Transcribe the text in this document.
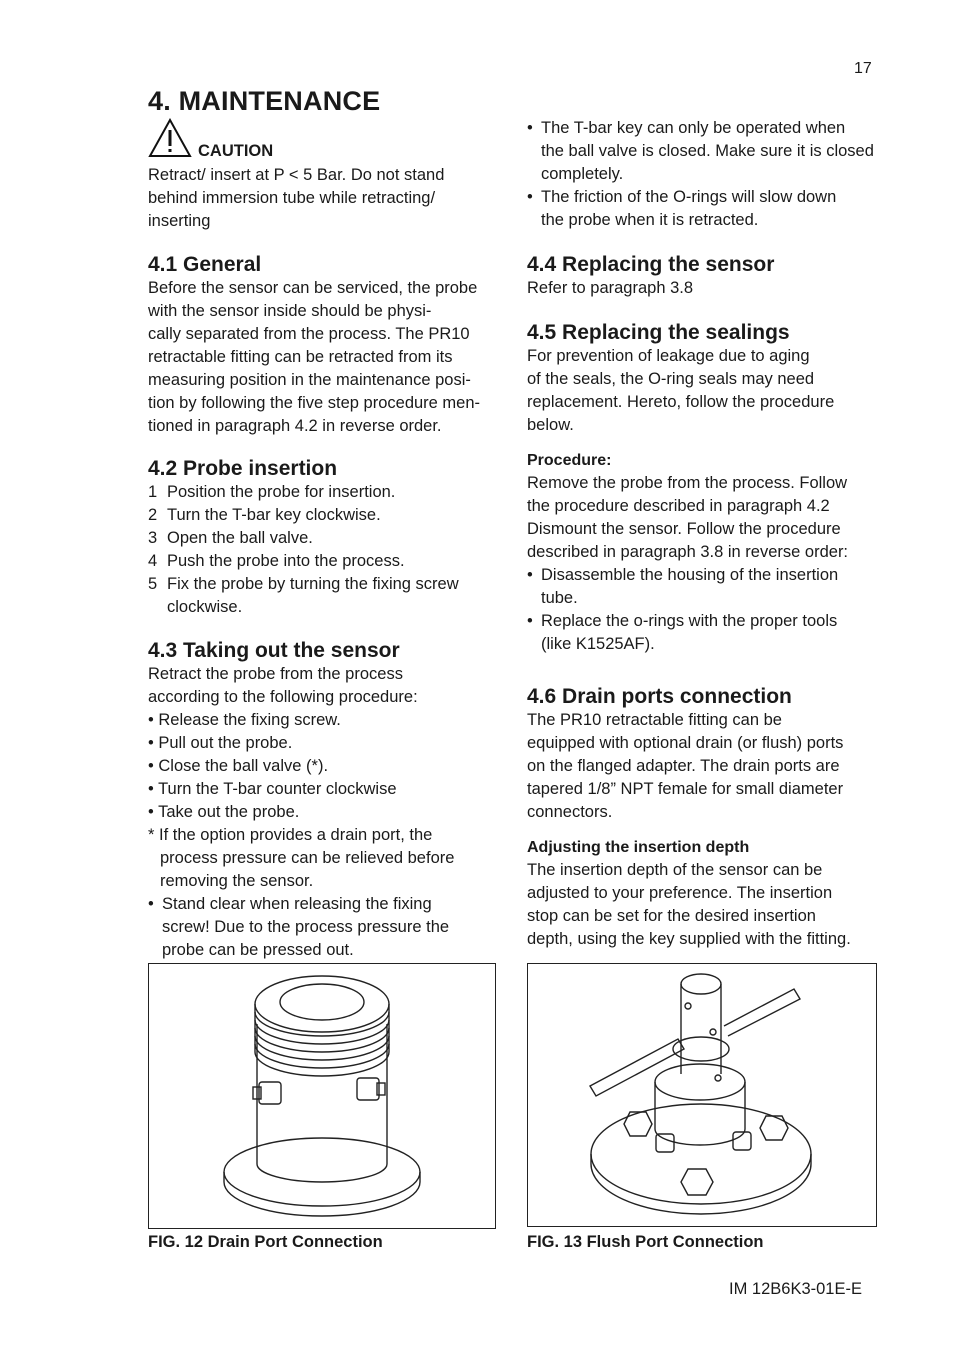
17
4. MAINTENANCE
CAUTION
Retract/ insert at P < 5 Bar. Do not stand
behind immersion tube while retracting/
inserting
4.1 General
Before the sensor can be serviced, the probe
with the sensor inside should be physi-
cally separated from the process. The PR10
retractable fitting can be retracted from its
measuring position in the maintenance posi-
tion by following the five step procedure men-
tioned in paragraph 4.2 in reverse order.
4.2 Probe insertion
1 Position the probe for insertion.
2 Turn the T-bar key clockwise.
3 Open the ball valve.
4 Push the probe into the process.
5 Fix the probe by turning the fixing screw
clockwise.
4.3 Taking out the sensor
Retract the probe from the process
according to the following procedure:
• Release the fixing screw.
• Pull out the probe.
• Close the ball valve (*).
• Turn the T-bar counter clockwise
• Take out the probe.
* If the option provides a drain port, the
process pressure can be relieved before
removing the sensor.
• Stand clear when releasing the fixing
screw! Due to the process pressure the
probe can be pressed out.
• The T-bar key can only be operated when
the ball valve is closed. Make sure it is closed
completely.
• The friction of the O-rings will slow down
the probe when it is retracted.
4.4 Replacing the sensor
Refer to paragraph 3.8
4.5 Replacing the sealings
For prevention of leakage due to aging
of the seals, the O-ring seals may need
replacement. Hereto, follow the procedure
below.
Procedure:
Remove the probe from the process. Follow
the procedure described in paragraph 4.2
Dismount the sensor. Follow the procedure
described in paragraph 3.8 in reverse order:
• Disassemble the housing of the insertion
tube.
• Replace the o-rings with the proper tools
(like K1525AF).
4.6 Drain ports connection
The PR10 retractable fitting can be
equipped with optional drain (or flush) ports
on the flanged adapter. The drain ports are
tapered 1/8” NPT female for small diameter
connectors.
Adjusting the insertion depth
The insertion depth of the sensor can be
adjusted to your preference. The insertion
stop can be set for the desired insertion
depth, using the key supplied with the fitting.
FIG. 12 Drain Port Connection	FIG. 13 Flush Port Connection
IM 12B6K3-01E-E
